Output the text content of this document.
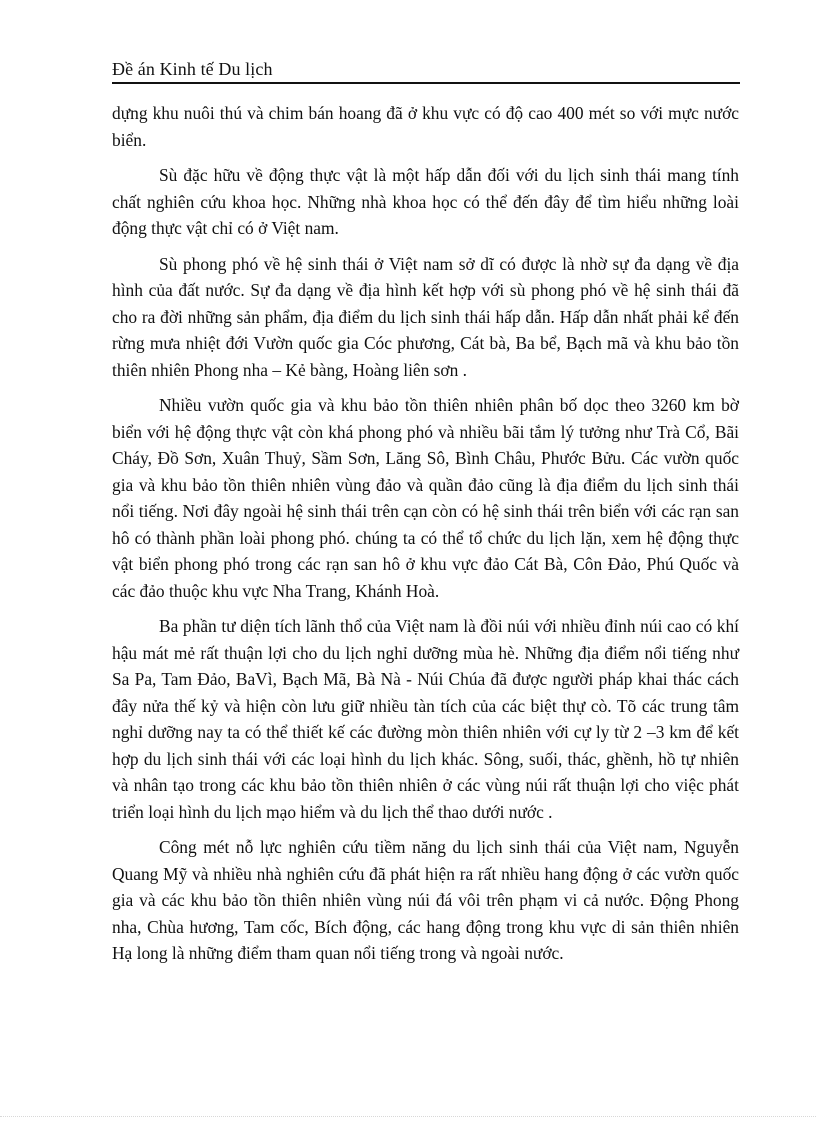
Đề án Kinh tế Du lịch

dựng khu nuôi thú và chim bán hoang đã ở khu vực có độ cao 400 mét so với mực nước biển.

Sù đặc hữu về động thực vật là một hấp dẫn đối với du lịch sinh thái mang tính chất nghiên cứu khoa học. Những nhà khoa học có thể đến đây để tìm hiểu những loài động thực vật chỉ có ở Việt nam.

Sù phong phó về hệ sinh thái ở Việt nam sở dĩ có được là nhờ sự đa dạng về địa hình của đất nước. Sự đa dạng về địa hình kết hợp với sù phong phó về hệ sinh thái đã cho ra đời những sản phẩm, địa điểm du lịch sinh thái hấp dẫn. Hấp dẫn nhất phải kể đến rừng mưa nhiệt đới Vườn quốc gia Cóc phương, Cát bà, Ba bể, Bạch mã và khu bảo tồn thiên nhiên Phong nha – Kẻ bàng, Hoàng liên sơn .

Nhiều vườn quốc gia và khu bảo tồn thiên nhiên phân bố dọc theo 3260 km bờ biển với hệ động thực vật còn khá phong phó và nhiều bãi tắm lý tưởng như Trà Cổ, Bãi Cháy, Đồ Sơn, Xuân Thuỷ, Sầm Sơn, Lăng Sô, Bình Châu, Phước Bửu. Các vườn quốc gia và khu bảo tồn thiên nhiên vùng đảo và quần đảo cũng là địa điểm du lịch sinh thái nổi tiếng. Nơi đây ngoài hệ sinh thái trên cạn còn có hệ sinh thái trên biển với các rạn san hô có thành phần loài phong phó. chúng ta có thể tổ chức du lịch lặn, xem hệ động thực vật biển phong phó trong các rạn san hô ở khu vực đảo Cát Bà, Côn Đảo, Phú Quốc và các đảo thuộc khu vực Nha Trang, Khánh Hoà.

Ba phần tư diện tích lãnh thổ của Việt nam là đồi núi với nhiều đỉnh núi cao có khí hậu mát mẻ rất thuận lợi cho du lịch nghỉ dưỡng mùa hè. Những địa điểm nổi tiếng như Sa Pa, Tam Đảo, BaVì, Bạch Mã, Bà Nà - Núi Chúa đã được người pháp khai thác cách đây nửa thế kỷ và hiện còn lưu giữ nhiều tàn tích của các biệt thự cò. Tõ các trung tâm nghỉ dưỡng nay ta có thể thiết kế các đường mòn thiên nhiên với cự ly từ 2 –3 km để kết hợp du lịch sinh thái với các loại hình du lịch khác. Sông, suối, thác, ghềnh, hồ tự nhiên và nhân tạo trong các khu bảo tồn thiên nhiên ở các vùng núi rất thuận lợi cho việc phát triển loại hình du lịch mạo hiểm và du lịch thể thao dưới nước .

Công mét nỗ lực nghiên cứu tiềm năng du lịch sinh thái của Việt nam, Nguyễn Quang Mỹ và nhiều nhà nghiên cứu đã phát hiện ra rất nhiều hang động ở các vườn quốc gia và các khu bảo tồn thiên nhiên vùng núi đá vôi trên phạm vi cả nước. Động Phong nha, Chùa hương, Tam cốc, Bích động, các hang động trong khu vực di sản thiên nhiên Hạ long là những điểm tham quan nổi tiếng trong và ngoài nước.
